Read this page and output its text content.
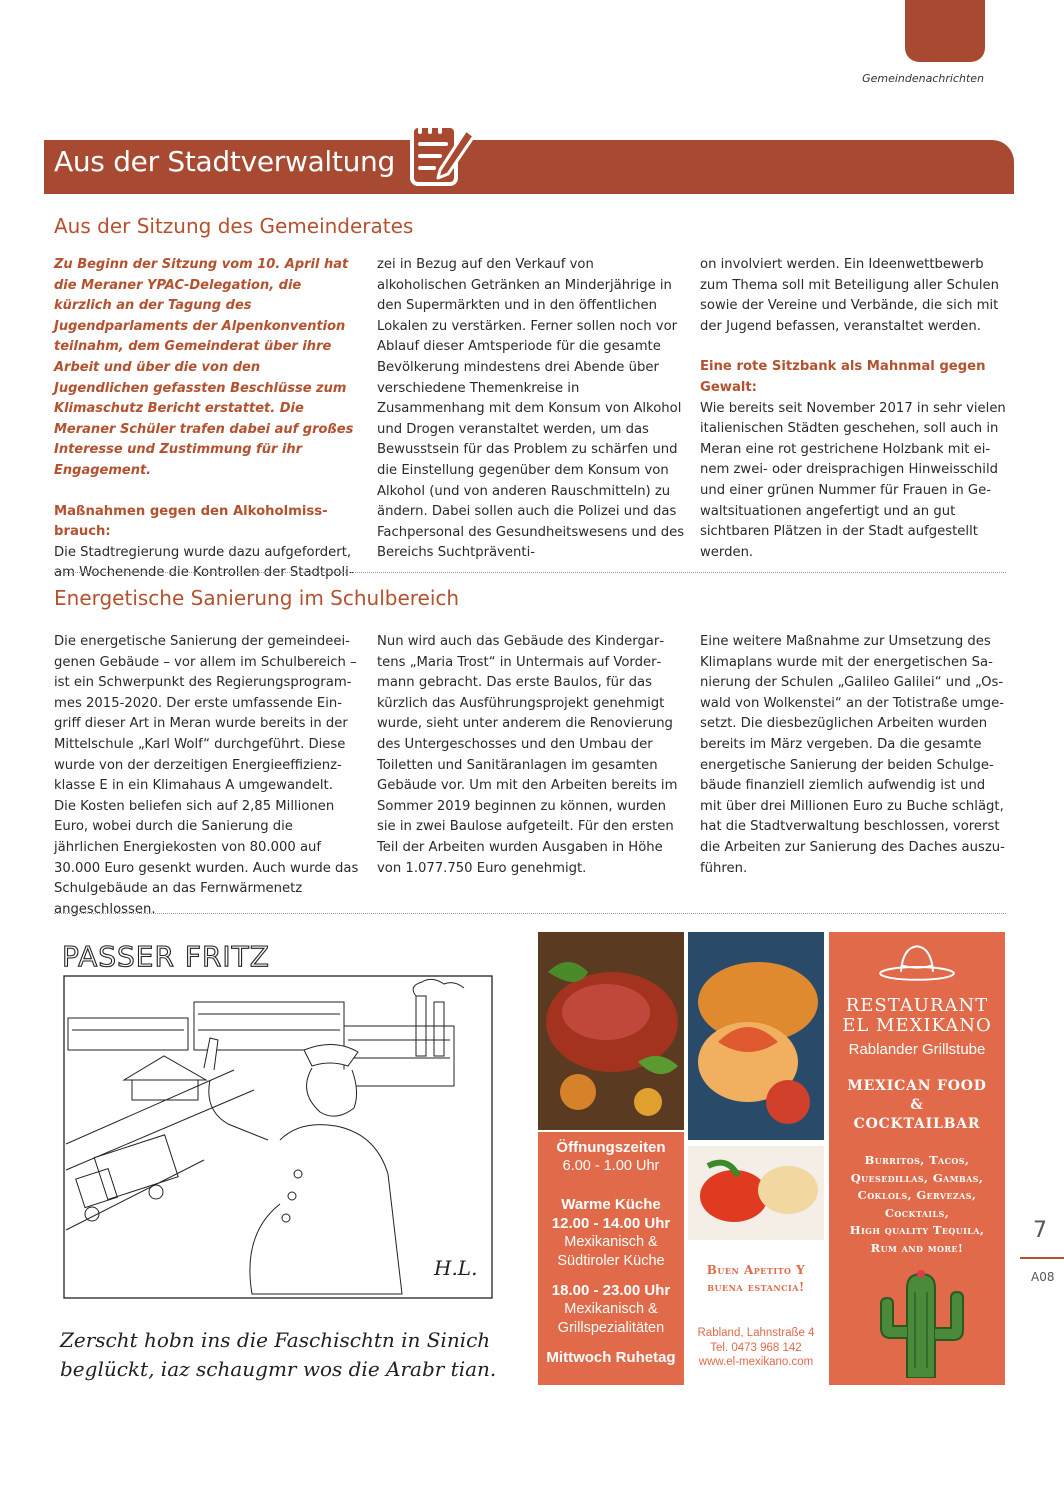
Gemeindenachrichten
Aus der Stadtverwaltung
Aus der Sitzung des Gemeinderates

Zu Beginn der Sitzung vom 10. April hat die Meraner YPAC-Delegation, die kürzlich an der Tagung des Jugendparlaments der Alpenkonvention teilnahm, dem Gemeinderat über ihre Arbeit und über die von den Jugendlichen gefassten Beschlüsse zum Klimaschutz Bericht erstattet. Die Meraner Schüler trafen dabei auf großes Interesse und Zustimmung für ihr Engagement.

Maßnahmen gegen den Alkoholmissbrauch:
Die Stadtregierung wurde dazu aufgefordert, am Wochenende die Kontrollen der Stadtpoli-

zei in Bezug auf den Verkauf von alkoholischen Getränken an Minderjährige in den Supermärkten und in den öffentlichen Lokalen zu verstärken. Ferner sollen noch vor Ablauf dieser Amtsperiode für die gesamte Bevölkerung mindestens drei Abende über verschiedene Themenkreise in Zusammenhang mit dem Konsum von Alkohol und Drogen veranstaltet werden, um das Bewusstsein für das Problem zu schärfen und die Einstellung gegenüber dem Konsum von Alkohol (und von anderen Rauschmitteln) zu ändern. Dabei sollen auch die Polizei und das Fachpersonal des Gesundheitswesens und des Bereichs Suchtpräventi-

on involviert werden. Ein Ideenwettbewerb zum Thema soll mit Beteiligung aller Schulen sowie der Vereine und Verbände, die sich mit der Jugend befassen, veranstaltet werden.

Eine rote Sitzbank als Mahnmal gegen Gewalt:
Wie bereits seit November 2017 in sehr vielen italienischen Städten geschehen, soll auch in Meran eine rot gestrichene Holzbank mit einem zwei- oder dreisprachigen Hinweisschild und einer grünen Nummer für Frauen in Gewaltsituationen angefertigt und an gut sichtbaren Plätzen in der Stadt aufgestellt werden.

Energetische Sanierung im Schulbereich

Die energetische Sanierung der gemeindeeigenen Gebäude – vor allem im Schulbereich – ist ein Schwerpunkt des Regierungsprogrammes 2015-2020. Der erste umfassende Eingriff dieser Art in Meran wurde bereits in der Mittelschule „Karl Wolf“ durchgeführt. Diese wurde von der derzeitigen Energieeffizienzklasse E in ein Klimahaus A umgewandelt. Die Kosten beliefen sich auf 2,85 Millionen Euro, wobei durch die Sanierung die jährlichen Energiekosten von 80.000 auf 30.000 Euro gesenkt wurden. Auch wurde das Schulgebäude an das Fernwärmenetz angeschlossen.

Nun wird auch das Gebäude des Kindergartens „Maria Trost“ in Untermais auf Vordermann gebracht. Das erste Baulos, für das kürzlich das Ausführungsprojekt genehmigt wurde, sieht unter anderem die Renovierung des Untergeschosses und den Umbau der Toiletten und Sanitäranlagen im gesamten Gebäude vor. Um mit den Arbeiten bereits im Sommer 2019 beginnen zu können, wurden sie in zwei Baulose aufgeteilt. Für den ersten Teil der Arbeiten wurden Ausgaben in Höhe von 1.077.750 Euro genehmigt.

Eine weitere Maßnahme zur Umsetzung des Klimaplans wurde mit der energetischen Sanierung der Schulen „Galileo Galilei“ und „Oswald von Wolkenstei“ an der Totistraße umgesetzt. Die diesbezüglichen Arbeiten wurden bereits im März vergeben. Da die gesamte energetische Sanierung der beiden Schulgebäude finanziell ziemlich aufwendig ist und mit über drei Millionen Euro zu Buche schlägt, hat die Stadtverwaltung beschlossen, vorerst die Arbeiten zur Sanierung des Daches auszuführen.

PASSER FRITZ
H.L.
Zerscht hobn ins die Faschischtn in Sinich
beglückt, iaz schaugmr wos die Arabr tian.
Öffnungszeiten
6.00 - 1.00 Uhr
Warme Küche
12.00 - 14.00 Uhr
Mexikanisch &
Südtiroler Küche
18.00 - 23.00 Uhr
Mexikanisch &
Grillspezialitäten
Mittwoch Ruhetag
Buen Apetito Y
buena estancia!
Rabland, Lahnstraße 4
Tel. 0473 968 142
www.el-mexikano.com
RESTAURANT
EL MEXIKANO
Rablander Grillstube
MEXICAN FOOD
&
COCKTAILBAR
Burritos, Tacos,
Quesedillas, Gambas,
Coklols, Gervezas,
Cocktails,
High quality Tequila,
Rum and more!
7
A08
